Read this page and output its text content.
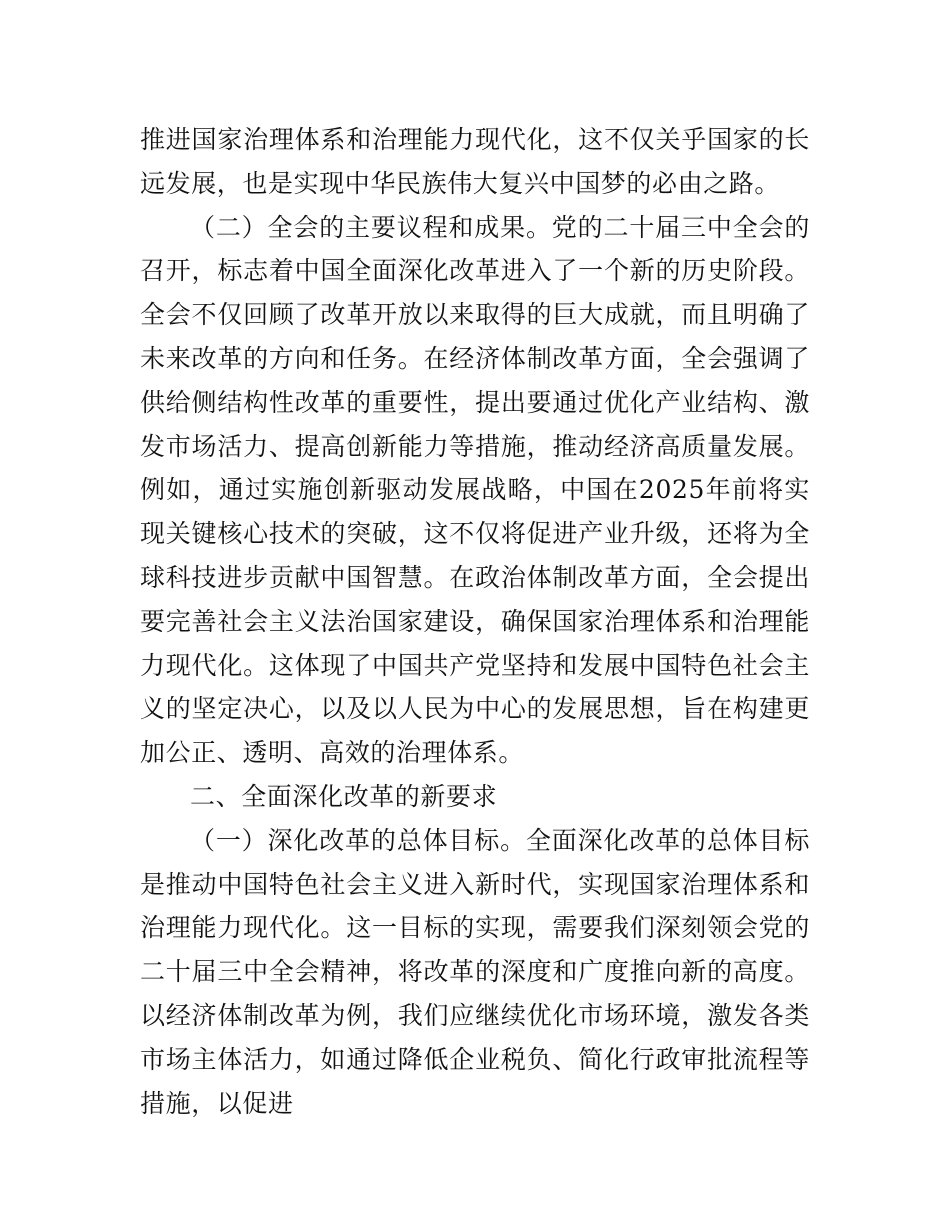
推进国家治理体系和治理能力现代化，这不仅关乎国家的长远发展，也是实现中华民族伟大复兴中国梦的必由之路。

（二）全会的主要议程和成果。党的二十届三中全会的召开，标志着中国全面深化改革进入了一个新的历史阶段。全会不仅回顾了改革开放以来取得的巨大成就，而且明确了未来改革的方向和任务。在经济体制改革方面，全会强调了供给侧结构性改革的重要性，提出要通过优化产业结构、激发市场活力、提高创新能力等措施，推动经济高质量发展。例如，通过实施创新驱动发展战略，中国在2025年前将实现关键核心技术的突破，这不仅将促进产业升级，还将为全球科技进步贡献中国智慧。在政治体制改革方面，全会提出要完善社会主义法治国家建设，确保国家治理体系和治理能力现代化。这体现了中国共产党坚持和发展中国特色社会主义的坚定决心，以及以人民为中心的发展思想，旨在构建更加公正、透明、高效的治理体系。

二、全面深化改革的新要求

（一）深化改革的总体目标。全面深化改革的总体目标是推动中国特色社会主义进入新时代，实现国家治理体系和治理能力现代化。这一目标的实现，需要我们深刻领会党的二十届三中全会精神，将改革的深度和广度推向新的高度。以经济体制改革为例，我们应继续优化市场环境，激发各类市场主体活力，如通过降低企业税负、简化行政审批流程等措施，以促进
